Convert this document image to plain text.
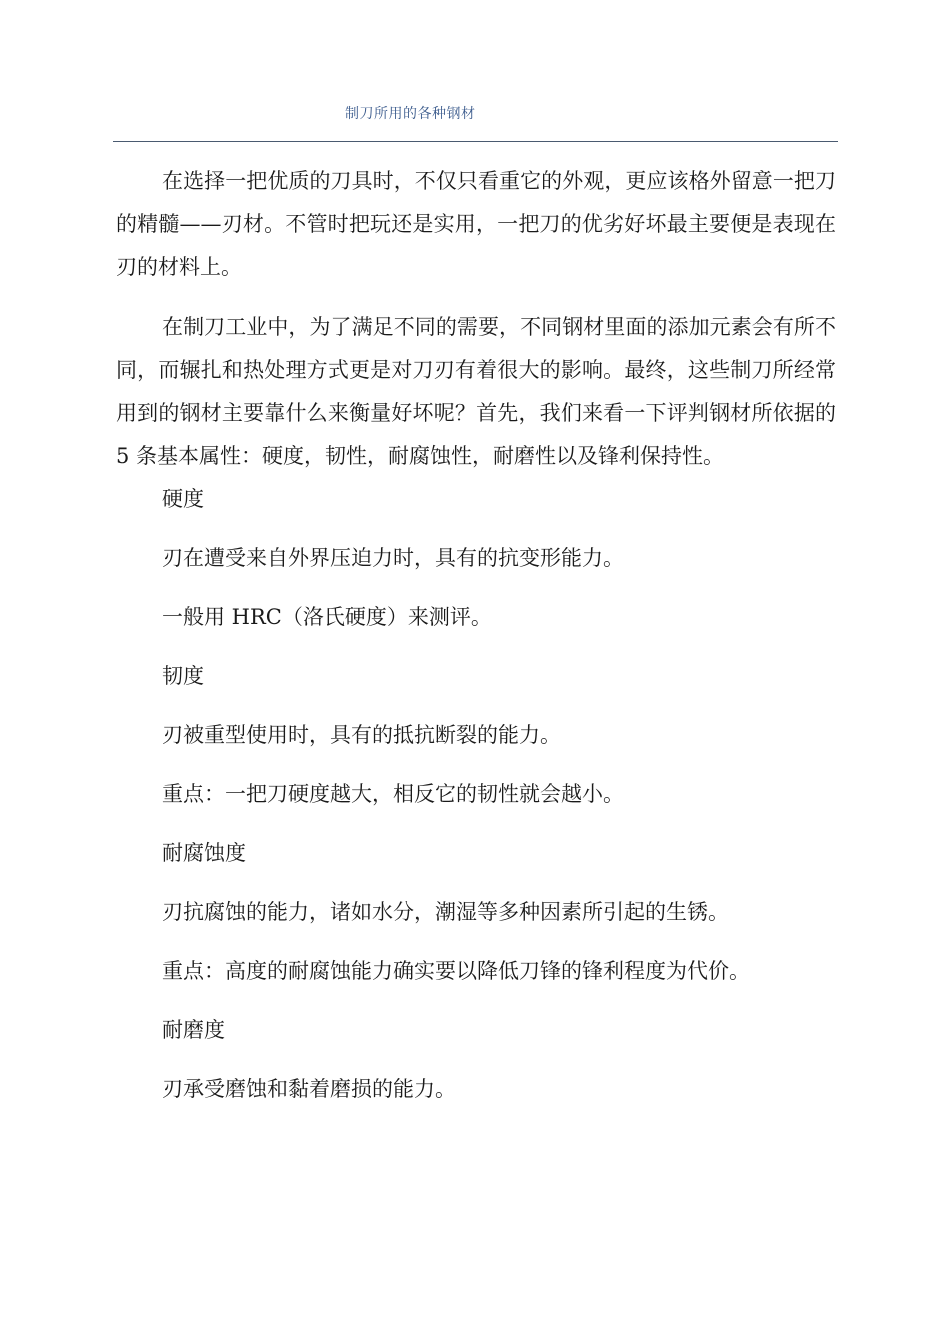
制刀所用的各种钢材

在选择一把优质的刀具时，不仅只看重它的外观，更应该格外留意一把刀的精髓——刃材。不管时把玩还是实用，一把刀的优劣好坏最主要便是表现在刃的材料上。

在制刀工业中，为了满足不同的需要，不同钢材里面的添加元素会有所不同，而辗扎和热处理方式更是对刀刃有着很大的影响。最终，这些制刀所经常用到的钢材主要靠什么来衡量好坏呢？首先，我们来看一下评判钢材所依据的 5 条基本属性：硬度，韧性，耐腐蚀性，耐磨性以及锋利保持性。

硬度

刃在遭受来自外界压迫力时，具有的抗变形能力。

一般用 HRC（洛氏硬度）来测评。

韧度

刃被重型使用时，具有的抵抗断裂的能力。

重点：一把刀硬度越大，相反它的韧性就会越小。

耐腐蚀度

刃抗腐蚀的能力，诸如水分，潮湿等多种因素所引起的生锈。

重点：高度的耐腐蚀能力确实要以降低刀锋的锋利程度为代价。

耐磨度

刃承受磨蚀和黏着磨损的能力。
